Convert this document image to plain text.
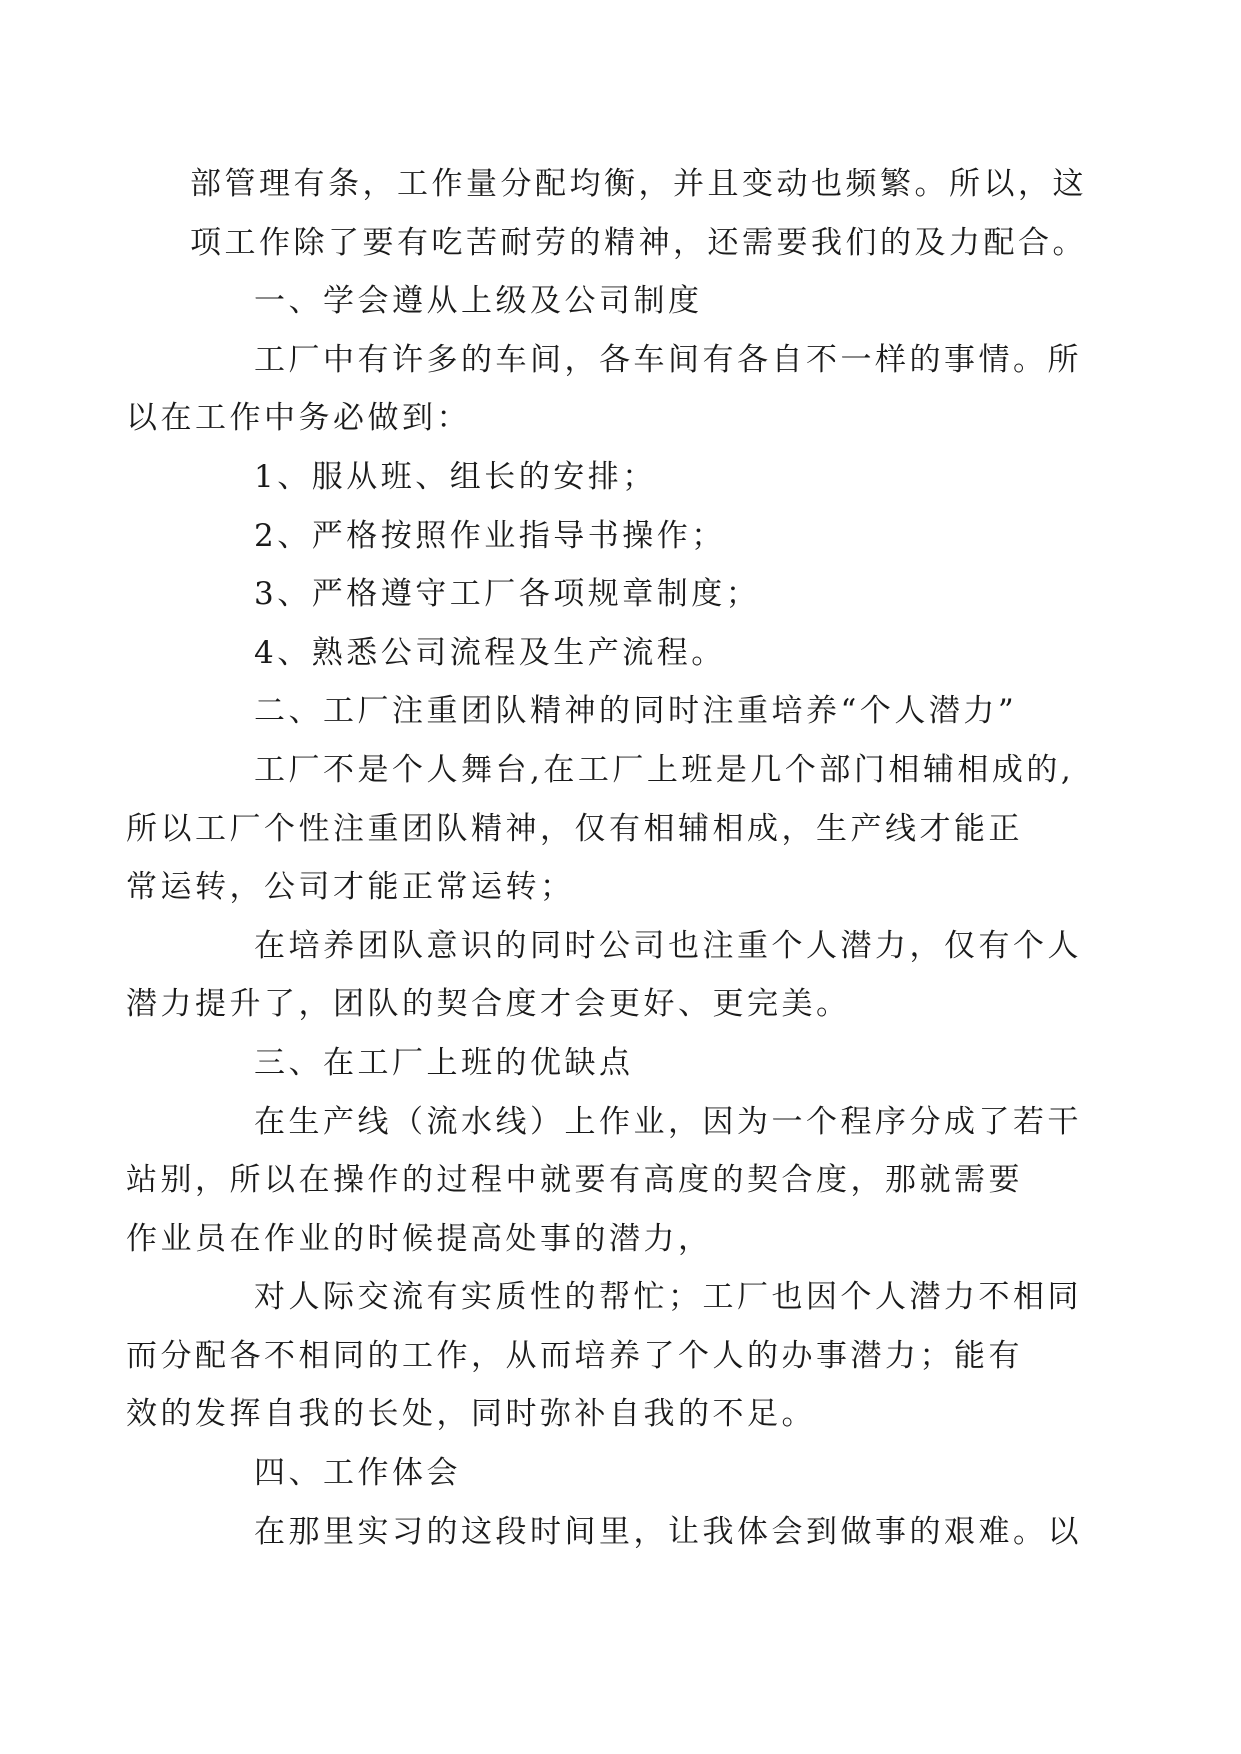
部管理有条，工作量分配均衡，并且变动也频繁。所以，这
项工作除了要有吃苦耐劳的精神，还需要我们的及力配合。

一、学会遵从上级及公司制度

工厂中有许多的车间，各车间有各自不一样的事情。所
以在工作中务必做到：

1、服从班、组长的安排；

2、严格按照作业指导书操作；

3、严格遵守工厂各项规章制度；

4、熟悉公司流程及生产流程。

二、工厂注重团队精神的同时注重培养“个人潜力”

工厂不是个人舞台,在工厂上班是几个部门相辅相成的,
所以工厂个性注重团队精神，仅有相辅相成，生产线才能正
常运转，公司才能正常运转；

在培养团队意识的同时公司也注重个人潜力，仅有个人
潜力提升了，团队的契合度才会更好、更完美。

三、在工厂上班的优缺点

在生产线（流水线）上作业，因为一个程序分成了若干
站别，所以在操作的过程中就要有高度的契合度，那就需要
作业员在作业的时候提高处事的潜力，

对人际交流有实质性的帮忙；工厂也因个人潜力不相同
而分配各不相同的工作，从而培养了个人的办事潜力；能有
效的发挥自我的长处，同时弥补自我的不足。

四、工作体会

在那里实习的这段时间里，让我体会到做事的艰难。以
